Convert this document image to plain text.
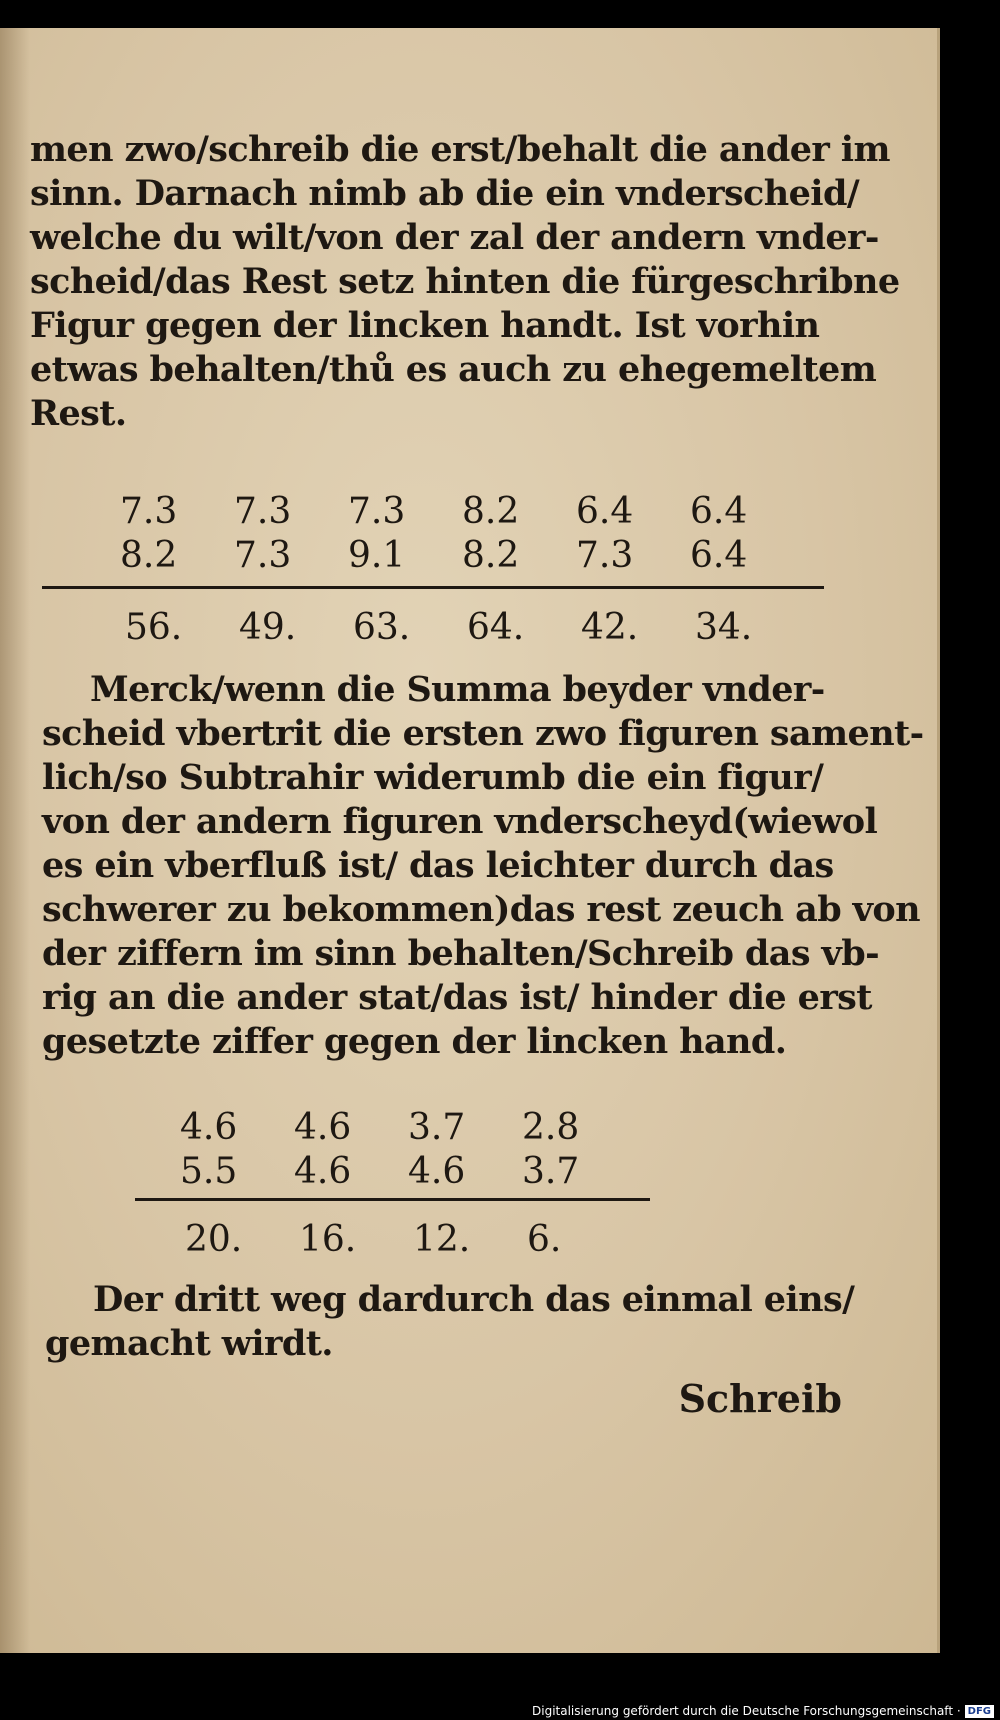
men zwo/schreib die erst/behalt die ander im
sinn. Darnach nimb ab die ein vnderscheid/
welche du wilt/von der zal der andern vnder-
scheid/das Rest setz hinten die fürgeschribne
Figur gegen der lincken handt. Ist vorhin
etwas behalten/thů es auch zu ehegemeltem
Rest.
7.3	7.3	7.3	8.2	6.4	6.4
8.2	7.3	9.1	8.2	7.3	6.4
56.	49.	63.	64.	42.	34.
Merck/wenn die Summa beyder vnder-
scheid vbertrit die ersten zwo figuren sament-
lich/so Subtrahir widerumb die ein figur/
von der andern figuren vnderscheyd(wiewol
es ein vberfluß ist/ das leichter durch das
schwerer zu bekommen)das rest zeuch ab von
der ziffern im sinn behalten/Schreib das vb-
rig an die ander stat/das ist/ hinder die erst
gesetzte ziffer gegen der lincken hand.
4.6	4.6	3.7	2.8
5.5	4.6	4.6	3.7
20.	16.	12.	6.
Der dritt weg dardurch das einmal eins/
gemacht wirdt.
Schreib
Digitalisierung gefördert durch die Deutsche Forschungsgemeinschaft · DFG
